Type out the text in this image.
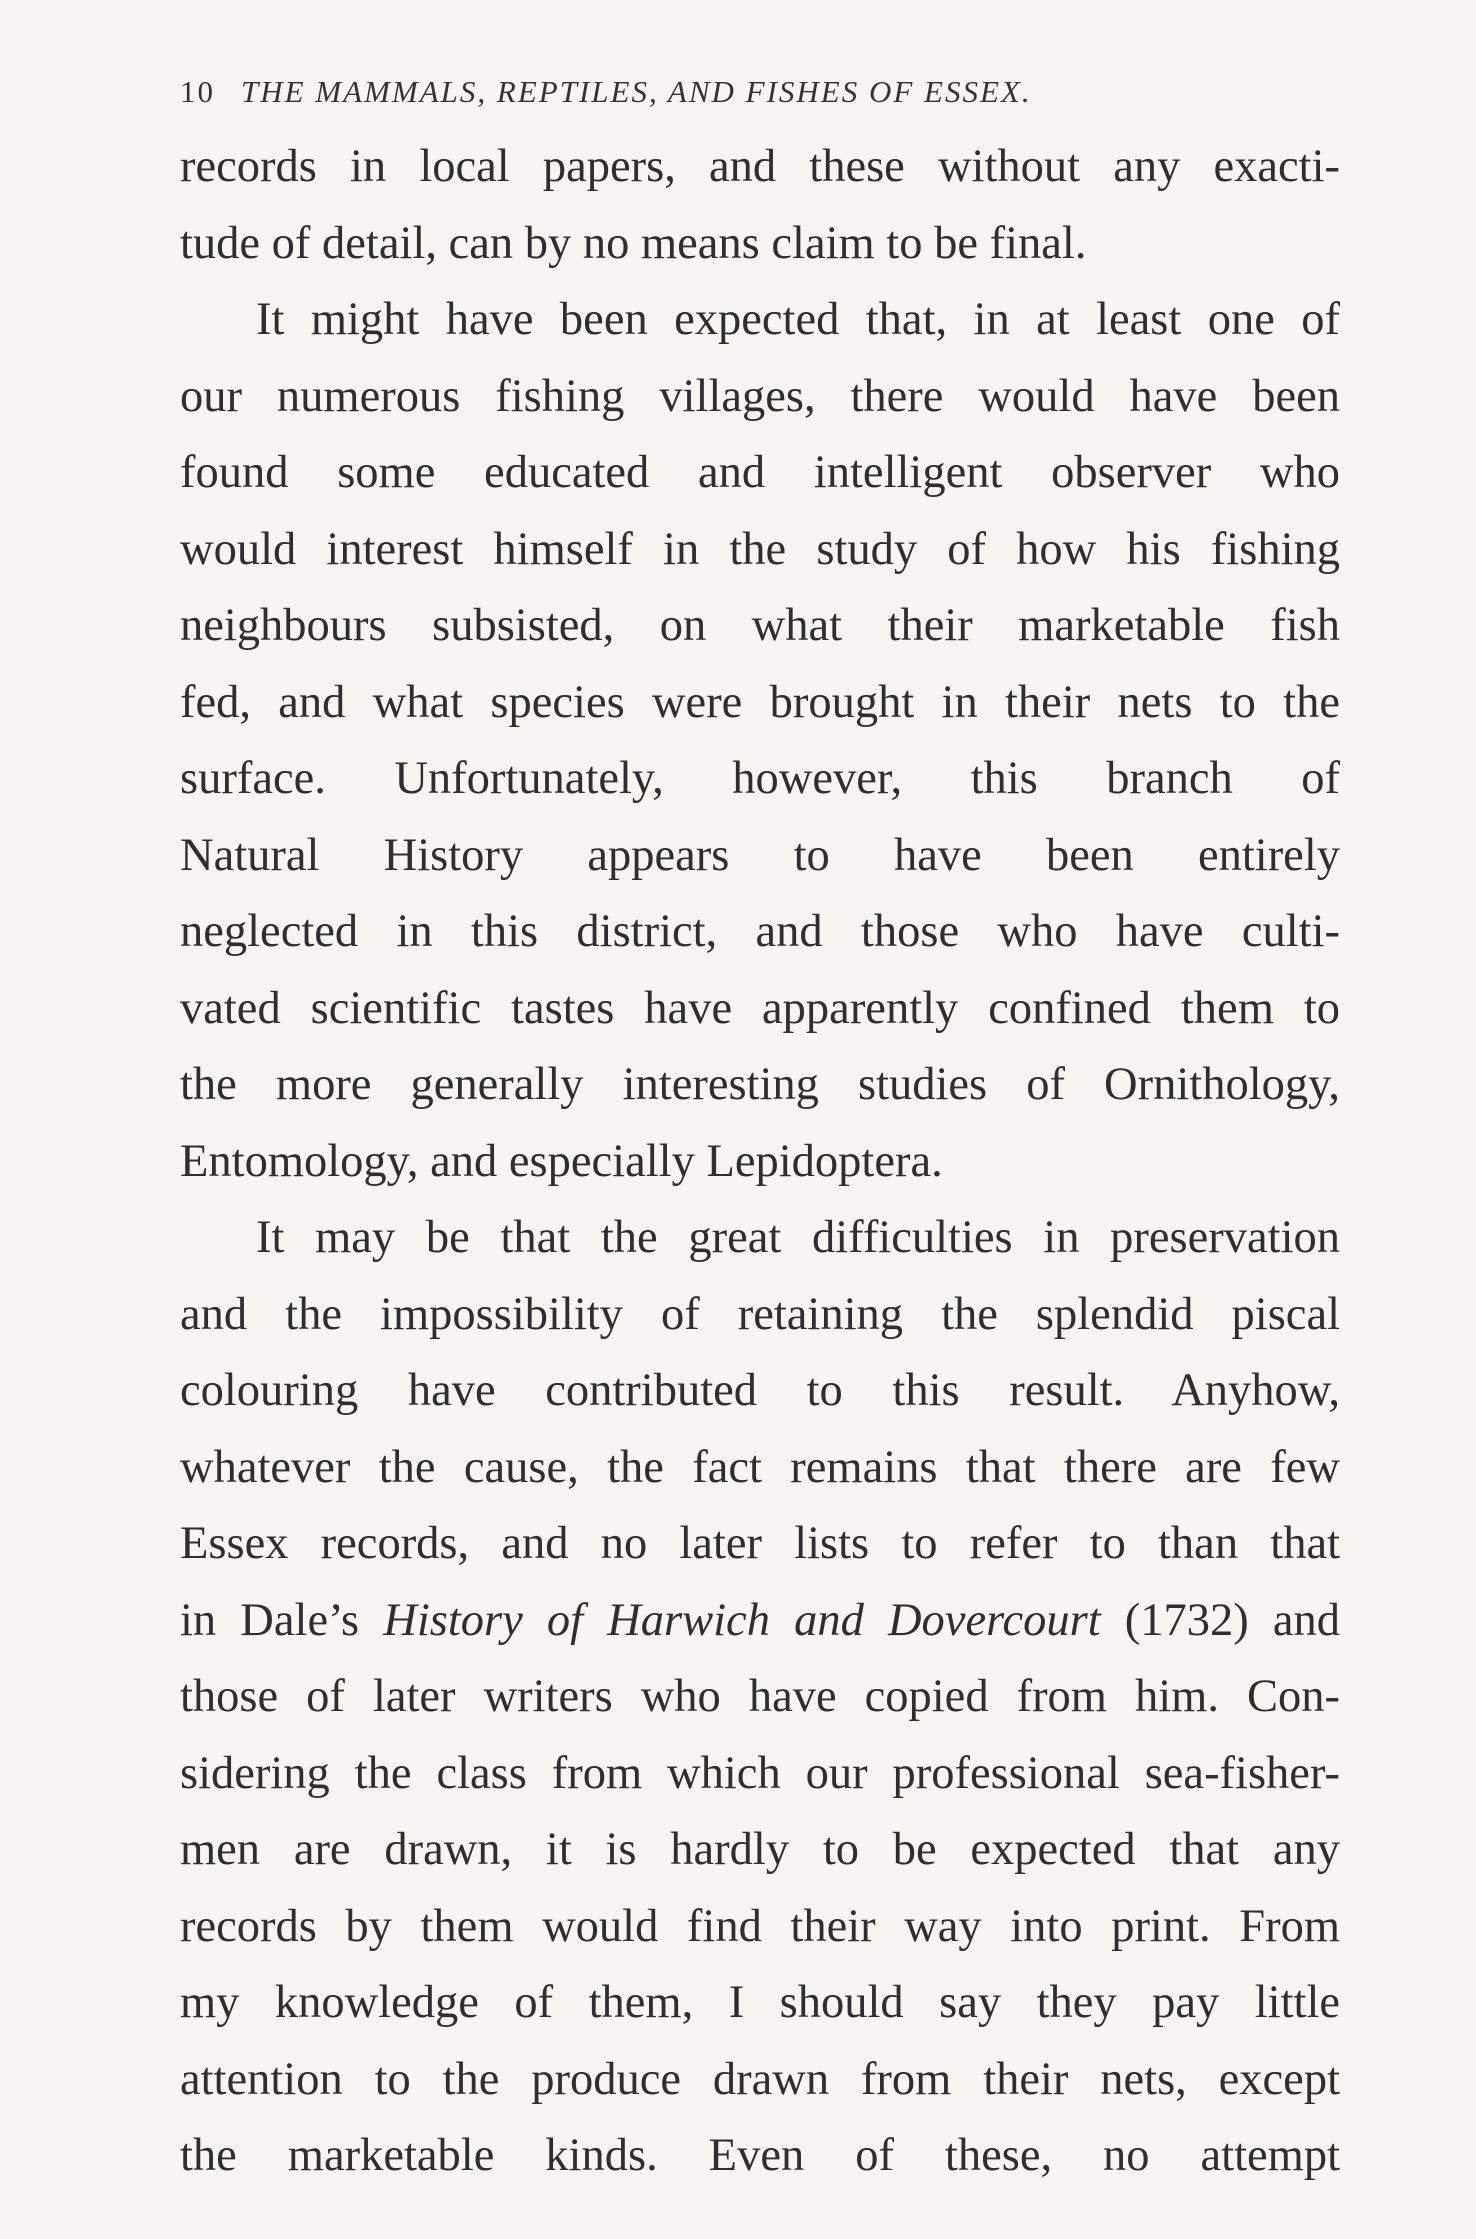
10 THE MAMMALS, REPTILES, AND FISHES OF ESSEX.
records in local papers, and these without any exacti-
tude of detail, can by no means claim to be final.
It might have been expected that, in at least one of
our numerous fishing villages, there would have been
found some educated and intelligent observer who
would interest himself in the study of how his fishing
neighbours subsisted, on what their marketable fish
fed, and what species were brought in their nets to the
surface. Unfortunately, however, this branch of
Natural History appears to have been entirely
neglected in this district, and those who have culti-
vated scientific tastes have apparently confined them to
the more generally interesting studies of Ornithology,
Entomology, and especially Lepidoptera.
It may be that the great difficulties in preservation
and the impossibility of retaining the splendid piscal
colouring have contributed to this result. Anyhow,
whatever the cause, the fact remains that there are few
Essex records, and no later lists to refer to than that
in Dale’s History of Harwich and Dovercourt (1732) and
those of later writers who have copied from him. Con-
sidering the class from which our professional sea-fisher-
men are drawn, it is hardly to be expected that any
records by them would find their way into print. From
my knowledge of them, I should say they pay little
attention to the produce drawn from their nets, except
the marketable kinds. Even of these, no attempt
